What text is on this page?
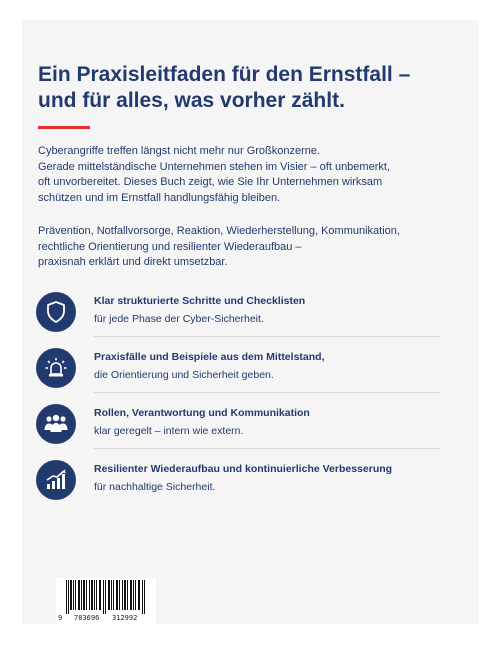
Ein Praxisleitfaden für den Ernstfall –
und für alles, was vorher zählt.
Cyberangriffe treffen längst nicht mehr nur Großkonzerne.
Gerade mittelständische Unternehmen stehen im Visier – oft unbemerkt,
oft unvorbereitet. Dieses Buch zeigt, wie Sie Ihr Unternehmen wirksam
schützen und im Ernstfall handlungsfähig bleiben.
Prävention, Notfallvorsorge, Reaktion, Wiederherstellung, Kommunikation,
rechtliche Orientierung und resilienter Wiederaufbau –
praxisnah erklärt und direkt umsetzbar.
Klar strukturierte Schritte und Checklisten
für jede Phase der Cyber-Sicherheit.
Praxisfälle und Beispiele aus dem Mittelstand,
die Orientierung und Sicherheit geben.
Rollen, Verantwortung und Kommunikation
klar geregelt – intern wie extern.
Resilienter Wiederaufbau und kontinuierliche Verbesserung
für nachhaltige Sicherheit.
9 783696 312992
